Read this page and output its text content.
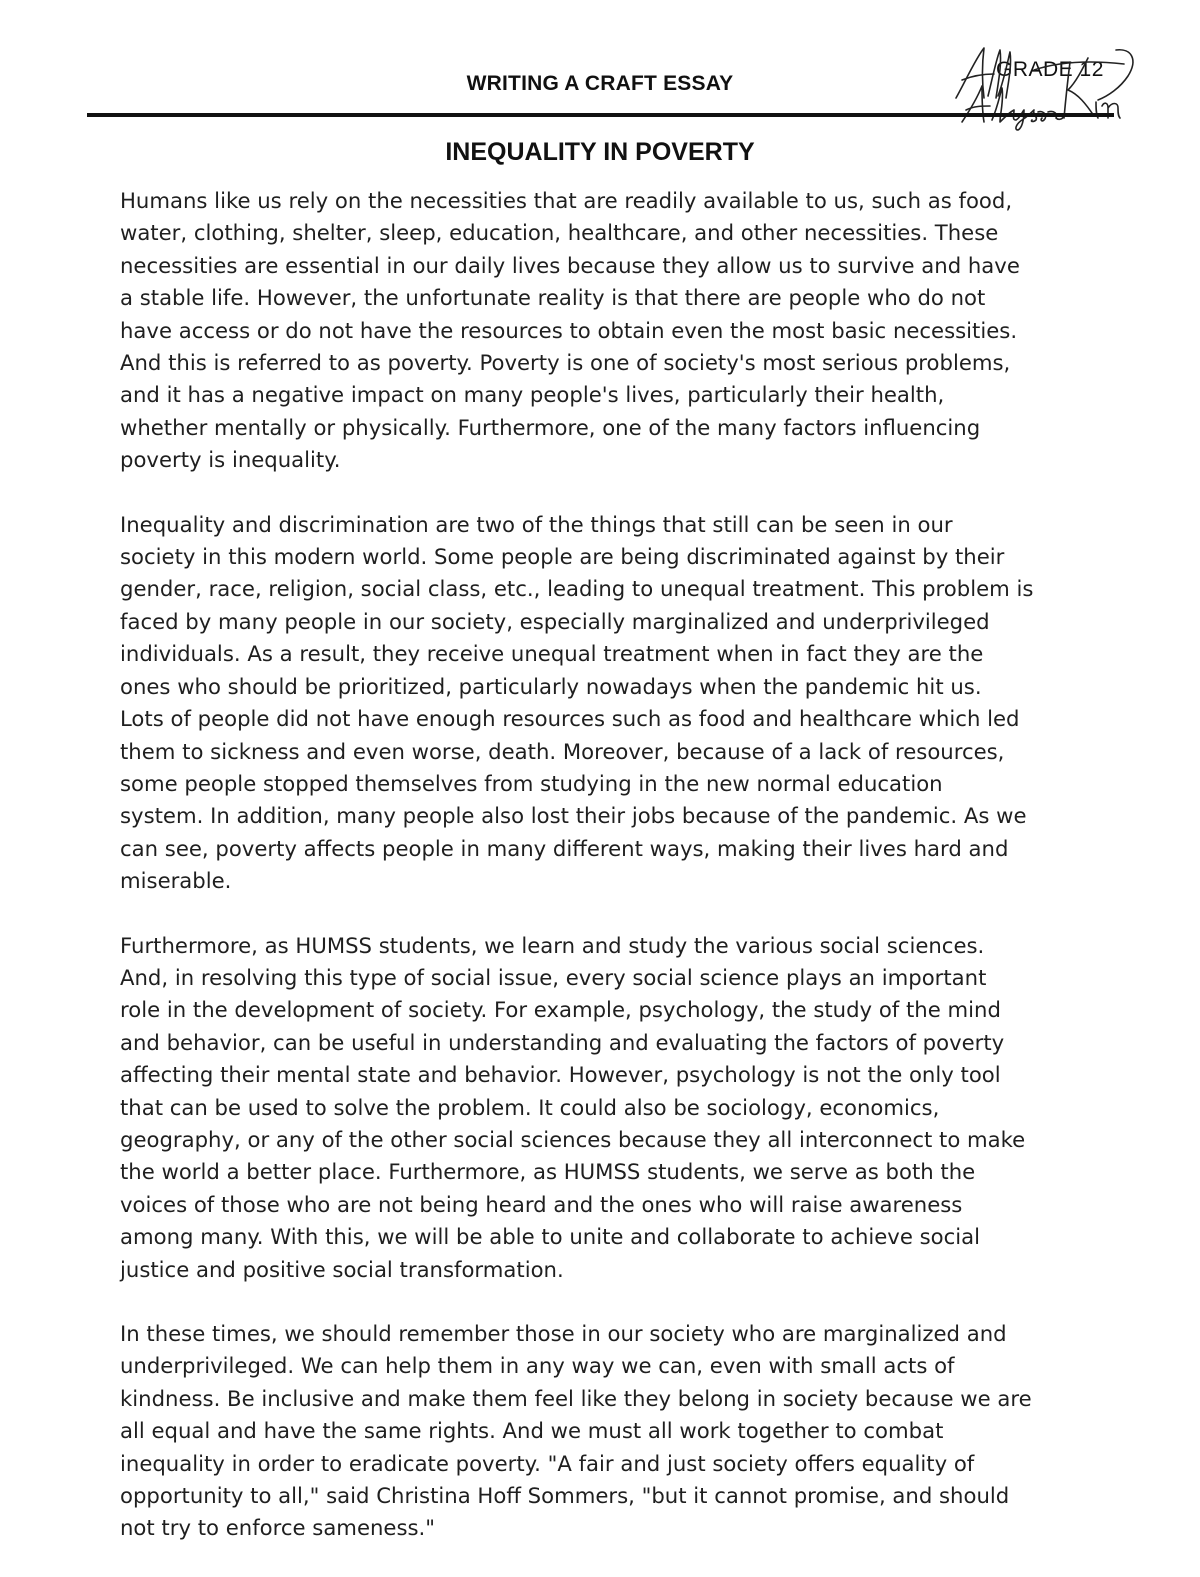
WRITING A CRAFT ESSAY
GRADE 12
INEQUALITY IN POVERTY

Humans like us rely on the necessities that are readily available to us, such as food,
water, clothing, shelter, sleep, education, healthcare, and other necessities. These
necessities are essential in our daily lives because they allow us to survive and have
a stable life. However, the unfortunate reality is that there are people who do not
have access or do not have the resources to obtain even the most basic necessities.
And this is referred to as poverty. Poverty is one of society's most serious problems,
and it has a negative impact on many people's lives, particularly their health,
whether mentally or physically. Furthermore, one of the many factors influencing
poverty is inequality.

Inequality and discrimination are two of the things that still can be seen in our
society in this modern world. Some people are being discriminated against by their
gender, race, religion, social class, etc., leading to unequal treatment. This problem is
faced by many people in our society, especially marginalized and underprivileged
individuals. As a result, they receive unequal treatment when in fact they are the
ones who should be prioritized, particularly nowadays when the pandemic hit us.
Lots of people did not have enough resources such as food and healthcare which led
them to sickness and even worse, death. Moreover, because of a lack of resources,
some people stopped themselves from studying in the new normal education
system. In addition, many people also lost their jobs because of the pandemic. As we
can see, poverty affects people in many different ways, making their lives hard and
miserable.

Furthermore, as HUMSS students, we learn and study the various social sciences.
And, in resolving this type of social issue, every social science plays an important
role in the development of society. For example, psychology, the study of the mind
and behavior, can be useful in understanding and evaluating the factors of poverty
affecting their mental state and behavior. However, psychology is not the only tool
that can be used to solve the problem. It could also be sociology, economics,
geography, or any of the other social sciences because they all interconnect to make
the world a better place. Furthermore, as HUMSS students, we serve as both the
voices of those who are not being heard and the ones who will raise awareness
among many. With this, we will be able to unite and collaborate to achieve social
justice and positive social transformation.

In these times, we should remember those in our society who are marginalized and
underprivileged. We can help them in any way we can, even with small acts of
kindness. Be inclusive and make them feel like they belong in society because we are
all equal and have the same rights. And we must all work together to combat
inequality in order to eradicate poverty. "A fair and just society offers equality of
opportunity to all," said Christina Hoff Sommers, "but it cannot promise, and should
not try to enforce sameness."
